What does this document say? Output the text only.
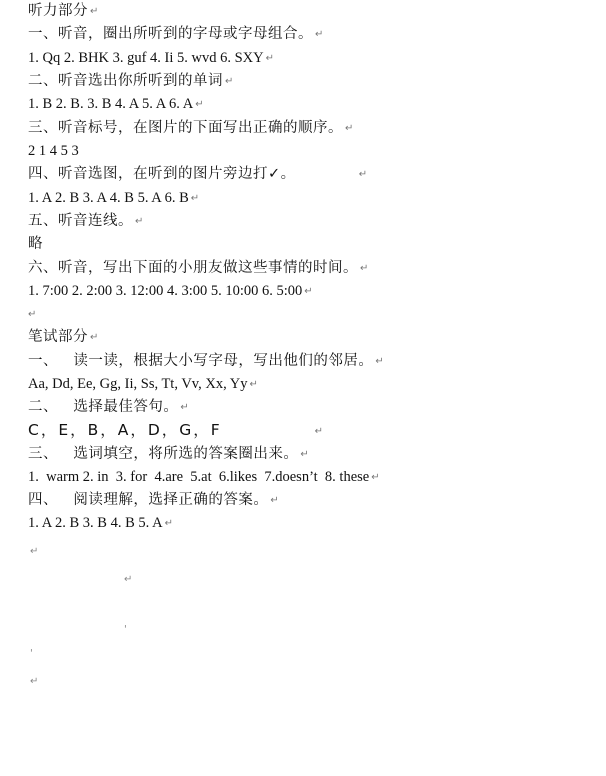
听力部分 ↵
一、听音，圈出所听到的字母或字母组合。 ↵
1. Qq 2. BHK 3. guf 4. Ii 5. wvd 6. SXY ↵
二、听音选出你所听到的单词 ↵
1. B 2. B. 3. B 4. A 5. A 6. A ↵
三、听音标号，在图片的下面写出正确的顺序。 ↵
2 1 4 5 3
四、听音选图，在听到的图片旁边打✓。	↵
1. A 2. B 3. A 4. B 5. A 6. B ↵
五、听音连线。 ↵
略
六、听音，写出下面的小朋友做这些事情的时间。 ↵
1. 7:00 2. 2:00 3. 12:00 4. 3:00 5. 10:00 6. 5:00 ↵
↵
笔试部分 ↵
一、   读一读，根据大小写字母，写出他们的邻居。 ↵
Aa, Dd, Ee, Gg, Ii, Ss, Tt, Vv, Xx, Yy ↵
二、   选择最佳答句。 ↵
C，E，B，A，D，G，F	↵
三、   选词填空，将所选的答案圈出来。 ↵
1.  warm 2. in  3. for  4.are  5.at  6.likes  7.doesn’t  8. these ↵
四、   阅读理解，选择正确的答案。 ↵
1. A 2. B 3. B 4. B 5. A ↵
↵
↵
'
'
↵
